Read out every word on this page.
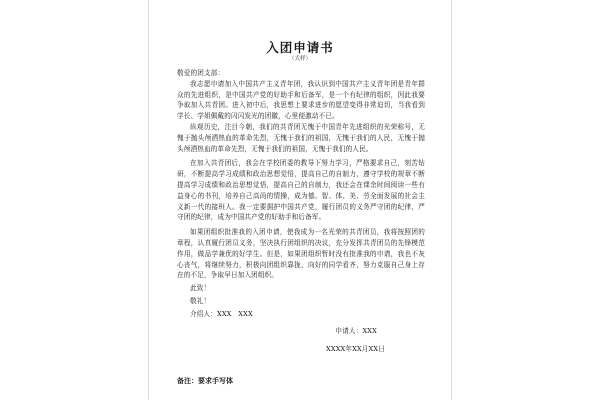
入团申请书
（式样）

敬爱的团支部：

我志愿申请加入中国共产主义青年团，我认识到中国共产主义青年团是青年群众的先进组织，是中国共产党的好助手和后备军，是一个有纪律的组织，因此我要争取加入共青团。进入初中后，我思想上要求进步的愿望变得非常迫切，当我看到学长、学姐佩戴的闪闪发光的团徽，心里便激动不已。

纵观历史，注目今朝，我们的共青团无愧于中国青年先进组织的光荣称号，无愧于抛头颅洒热血的革命先烈，无愧于我们的祖国，无愧于我们的人民，无愧于抛头颅洒热血的革命先烈，无愧于我们的祖国，无愧于我们的人民。

在加入共青团后，我会在学校团委的教导下努力学习，严格要求自己，刻苦钻研，不断提高学习成绩和政治思想觉悟，提高自己的自制力，遵守学校的规章不断提高学习成绩和政治思想觉悟，提高自己的自制力，我还会在课余时间阅读一些有益身心的书刊，培养自己高尚的情操，成为德、智、体、美、劳全面发展的社会主义新一代的接班人。我一定要拥护中国共产党，履行团员的义务严守团的纪律，严守团的纪律，成为中国共产党的好助手和后备军。

如果团组织批准我的入团申请，使我成为一名光荣的共青团员，我将按照团的章程，认真履行团员义务，坚决执行团组织的决议，充分发挥共青团员的先锋模范作用，做品学兼优的好学生。但是，如果团组织暂时没有批准我的申请，我也不灰心丧气，将继续努力，积极向团组织靠拢，向好的同学看齐，努力克服自己身上存在的不足，争取早日加入团组织。

此致！

敬礼！

介绍人：XXX　XXX

申请人：XXX

XXXX年XX月XX日

备注：要求手写体
